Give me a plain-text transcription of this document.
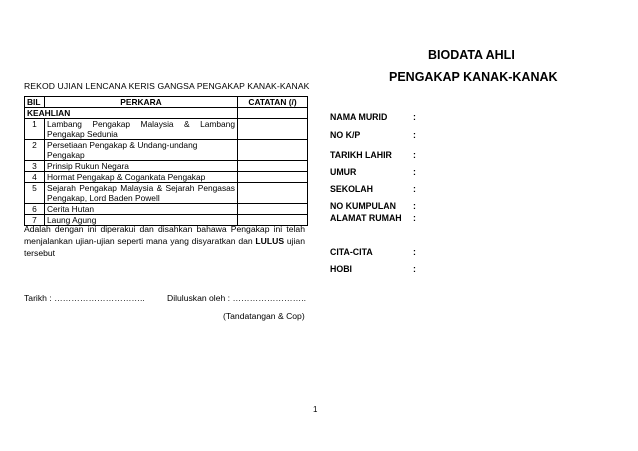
REKOD UJIAN LENCANA KERIS GANGSA PENGAKAP KANAK-KANAK
BIL	PERKARA	CATATAN (/)
KEAHLIAN		
1	Lambang Pengakap Malaysia & Lambang Pengakap Sedunia	
2	Persetiaan Pengakap & Undang-undang Pengakap	
3	Prinsip Rukun Negara	
4	Hormat Pengakap & Cogankata Pengakap	
5	Sejarah Pengakap Malaysia & Sejarah Pengasas Pengakap, Lord Baden Powell	
6	Cerita Hutan	
7	Laung Agung	
Adalah dengan ini diperakui dan disahkan bahawa Pengakap ini telah menjalankan ujian-ujian seperti mana yang disyaratkan dan LULUS ujian tersebut
Tarikh : …………………………..	Diluluskan oleh : ……………………..
(Tandatangan & Cop)
1
BIODATA AHLI
PENGAKAP KANAK-KANAK
NAMA MURID	:
NO K/P	:
TARIKH LAHIR :
UMUR	:
SEKOLAH	:
NO KUMPULAN :
ALAMAT RUMAH :
CITA-CITA	:
HOBI	:
